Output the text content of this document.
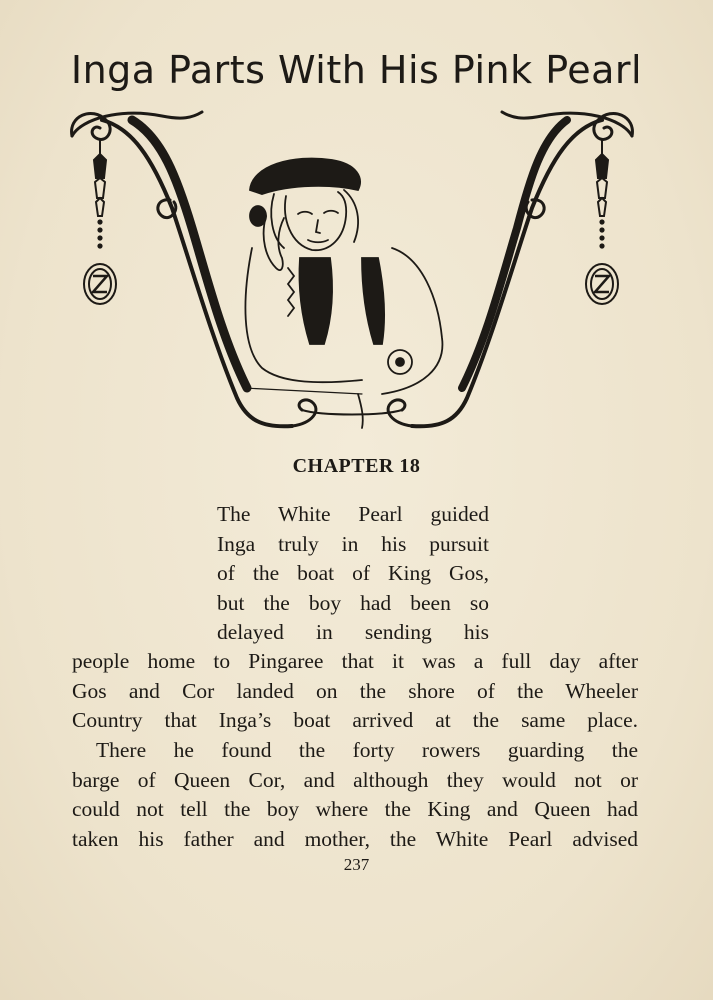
Inga Parts With His Pink Pearl
CHAPTER 18
The White Pearl guided
Inga truly in his pursuit
of the boat of King Gos,
but the boy had been so
delayed in sending his
people home to Pingaree that it was a full day after
Gos and Cor landed on the shore of the Wheeler
Country that Inga’s boat arrived at the same place.
There he found the forty rowers guarding the
barge of Queen Cor, and although they would not or
could not tell the boy where the King and Queen had
taken his father and mother, the White Pearl advised
237
